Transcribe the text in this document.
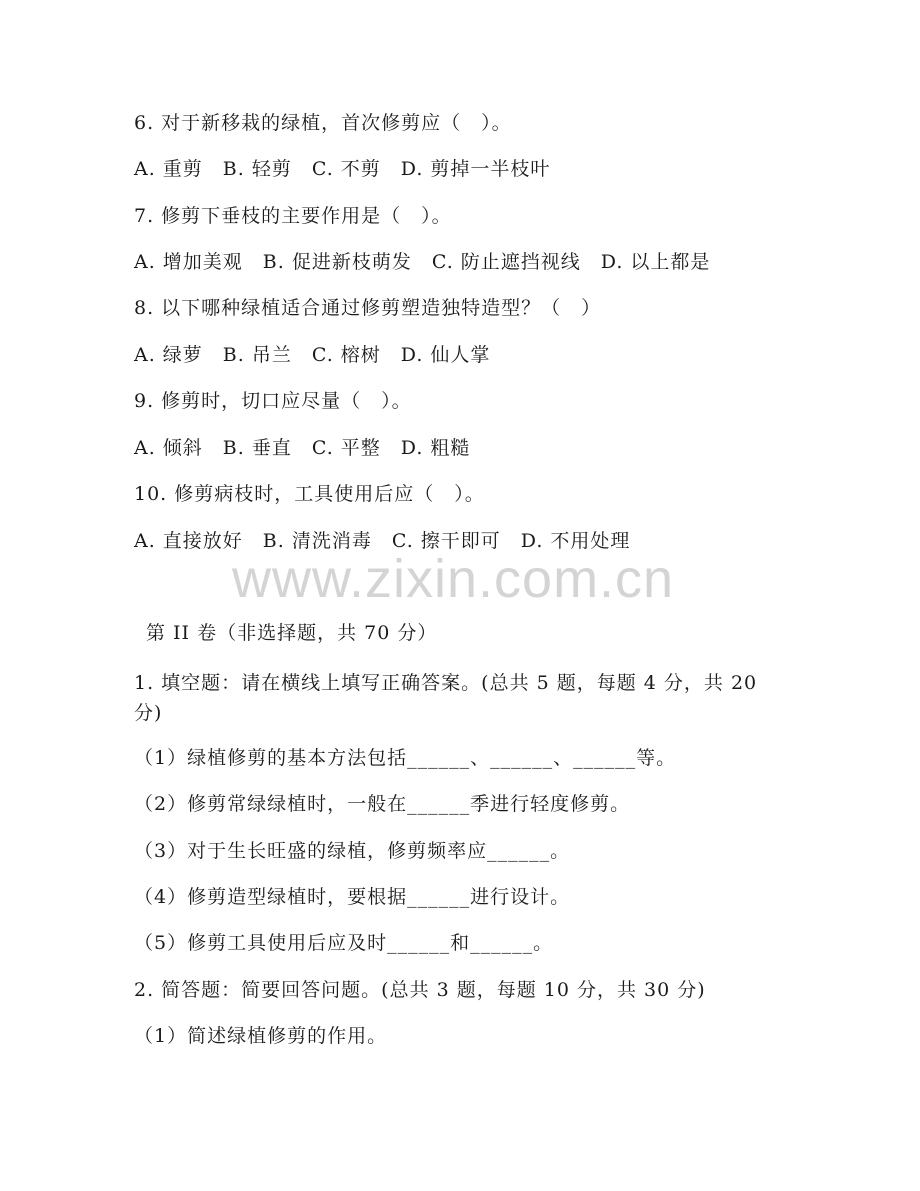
6. 对于新移栽的绿植，首次修剪应（　）。
A. 重剪　B. 轻剪　C. 不剪　D. 剪掉一半枝叶
7. 修剪下垂枝的主要作用是（　）。
A. 增加美观　B. 促进新枝萌发　C. 防止遮挡视线　D. 以上都是
8. 以下哪种绿植适合通过修剪塑造独特造型？（　）
A. 绿萝　B. 吊兰　C. 榕树　D. 仙人掌
9. 修剪时，切口应尽量（　）。
A. 倾斜　B. 垂直　C. 平整　D. 粗糙
10. 修剪病枝时，工具使用后应（　）。
A. 直接放好　B. 清洗消毒　C. 擦干即可　D. 不用处理
www.zixin.com.cn
第 II 卷（非选择题，共 70 分）
1. 填空题：请在横线上填写正确答案。(总共 5 题，每题 4 分，共 20 分)
（1）绿植修剪的基本方法包括______、______、______等。
（2）修剪常绿绿植时，一般在______季进行轻度修剪。
（3）对于生长旺盛的绿植，修剪频率应______。
（4）修剪造型绿植时，要根据______进行设计。
（5）修剪工具使用后应及时______和______。
2. 简答题：简要回答问题。(总共 3 题，每题 10 分，共 30 分)
（1）简述绿植修剪的作用。
